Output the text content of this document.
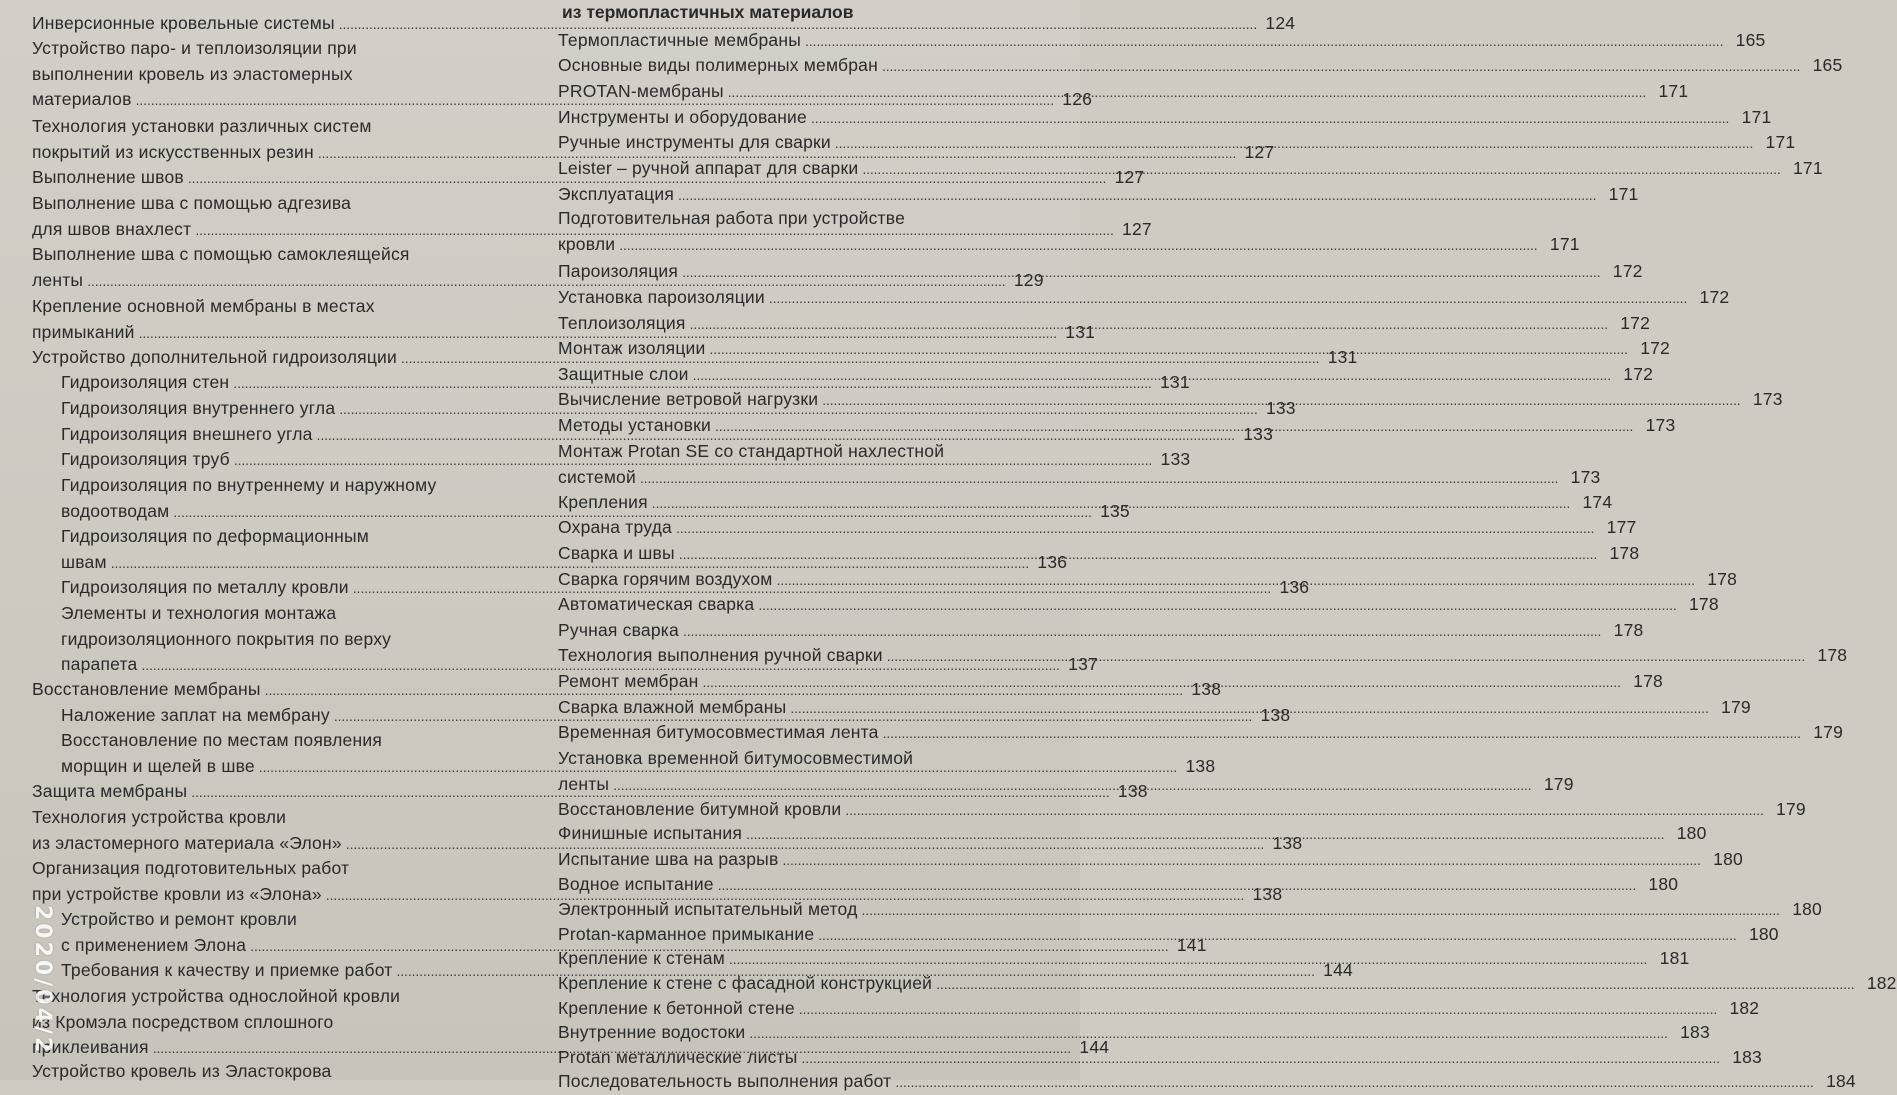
Инверсионные кровельные системы . . .	124
Устройство паро- и теплоизоляции при
выполнении кровель из эластомерных
материалов . . .	126
Технология установки различных систем
покрытий из искусственных резин . . .	127
Выполнение швов . . .	127
Выполнение шва с помощью адгезива
для швов внахлест . . .	127
Выполнение шва с помощью самоклеящейся
ленты . . .	129
Крепление основной мембраны в местах
примыканий . . .	131
Устройство дополнительной гидроизоляции . . .	131
Гидроизоляция стен . . .	131
Гидроизоляция внутреннего угла . . .	133
Гидроизоляция внешнего угла . . .	133
Гидроизоляция труб . . .	133
Гидроизоляция по внутреннему и наружному
водоотводам . . .	135
Гидроизоляция по деформационным
швам . . .	136
Гидроизоляция по металлу кровли . . .	136
Элементы и технология монтажа
гидроизоляционного покрытия по верху
парапета . . .	137
Восстановление мембраны . . .	138
Наложение заплат на мембрану . . .	138
Восстановление по местам появления
морщин и щелей в шве . . .	138
Защита мембраны . . .	138
Технология устройства кровли
из эластомерного материала «Элон» . . .	138
Организация подготовительных работ
при устройстве кровли из «Элона» . . .	138
Устройство и ремонт кровли
с применением Элона . . .	141
Требования к качеству и приемке работ . . .	144
Технология устройства однослойной кровли
из Кромэла посредством сплошного
приклеивания . . .	144
Устройство кровель из Эластокрова
из термопластичных материалов
Термопластичные мембраны . . .	165
Основные виды полимерных мембран . . .	165
PROTAN-мембраны . . .	171
Инструменты и оборудование . . .	171
Ручные инструменты для сварки . . .	171
Leister – ручной аппарат для сварки . . .	171
Эксплуатация . . .	171
Подготовительная работа при устройстве
кровли . . .	171
Пароизоляция . . .	172
Установка пароизоляции . . .	172
Теплоизоляция . . .	172
Монтаж изоляции . . .	172
Защитные слои . . .	172
Вычисление ветровой нагрузки . . .	173
Методы установки . . .	173
Монтаж Protan SE со стандартной нахлестной
системой . . .	173
Крепления . . .	174
Охрана труда . . .	177
Сварка и швы . . .	178
Сварка горячим воздухом . . .	178
Автоматическая сварка . . .	178
Ручная сварка . . .	178
Технология выполнения ручной сварки . . .	178
Ремонт мембран . . .	178
Сварка влажной мембраны . . .	179
Временная битумосовместимая лента . . .	179
Установка временной битумосовместимой
ленты . . .	179
Восстановление битумной кровли . . .	179
Финишные испытания . . .	180
Испытание шва на разрыв . . .	180
Водное испытание . . .	180
Электронный испытательный метод . . .	180
Protan-карманное примыкание . . .	180
Крепление к стенам . . .	181
Крепление к стене с фасадной конструкцией . . .	182
Крепление к бетонной стене . . .	182
Внутренние водостоки . . .	183
Protan металлические листы . . .	183
Последовательность выполнения работ . . .	184
2020/04/2
